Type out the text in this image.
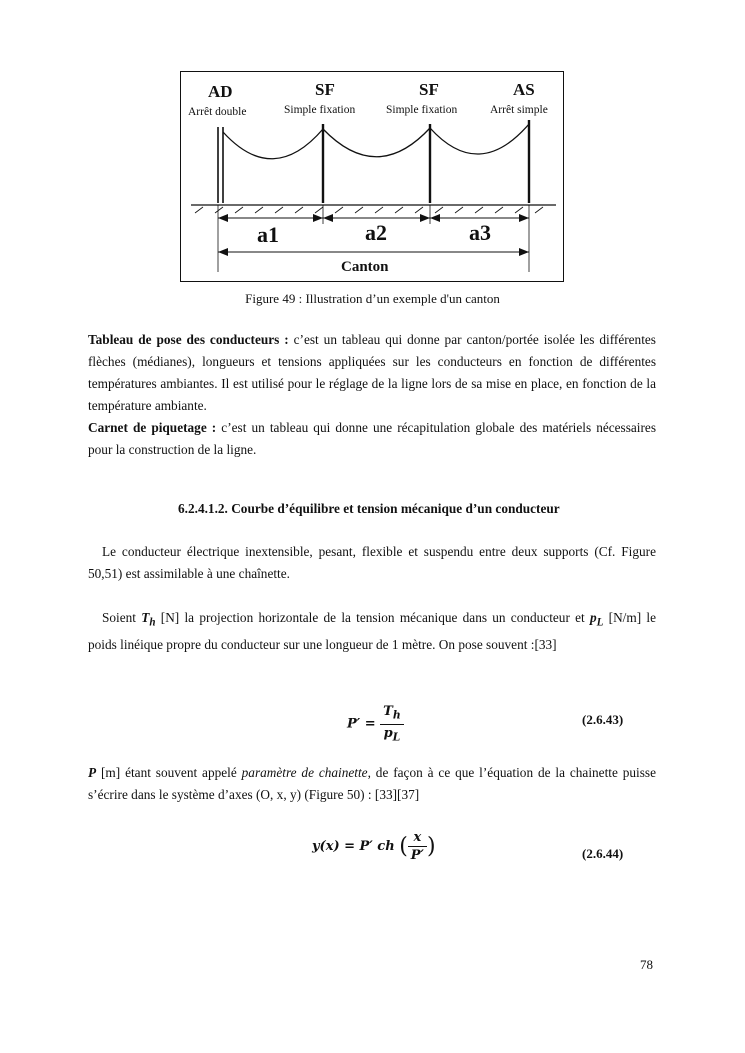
AD
Arrêt double
SF
Simple fixation
SF
Simple fixation
AS
Arrêt simple
a1	a2	a3
Canton
Figure 49 : Illustration d’un exemple d'un canton
Tableau de pose des conducteurs : c’est un tableau qui donne par canton/portée isolée les différentes flèches (médianes), longueurs et tensions appliquées sur les conducteurs en fonction de différentes températures ambiantes. Il est utilisé pour le réglage de la ligne lors de sa mise en place, en fonction de la température ambiante.
Carnet de piquetage : c’est un tableau qui donne une récapitulation globale des matériels nécessaires pour la construction de la ligne.
6.2.4.1.2. Courbe d’équilibre et tension mécanique d’un conducteur
Le conducteur électrique inextensible, pesant, flexible et suspendu entre deux supports (Cf. Figure 50,51) est assimilable à une chaînette.
Soient $T_h$ [N] la projection horizontale de la tension mécanique dans un conducteur et $p_L$ [N/m] le poids linéique propre du conducteur sur une longueur de 1 mètre. On pose souvent :[33]
$P' = \frac{T_h}{p_L}$	(2.6.43)
P [m] étant souvent appelé paramètre de chainette, de façon à ce que l’équation de la chainette puisse s’écrire dans le système d’axes (O, x, y) (Figure 50) : [33][37]
y(x) = P′ ch ( $\frac{x}{P'}$ )	(2.6.44)
78
